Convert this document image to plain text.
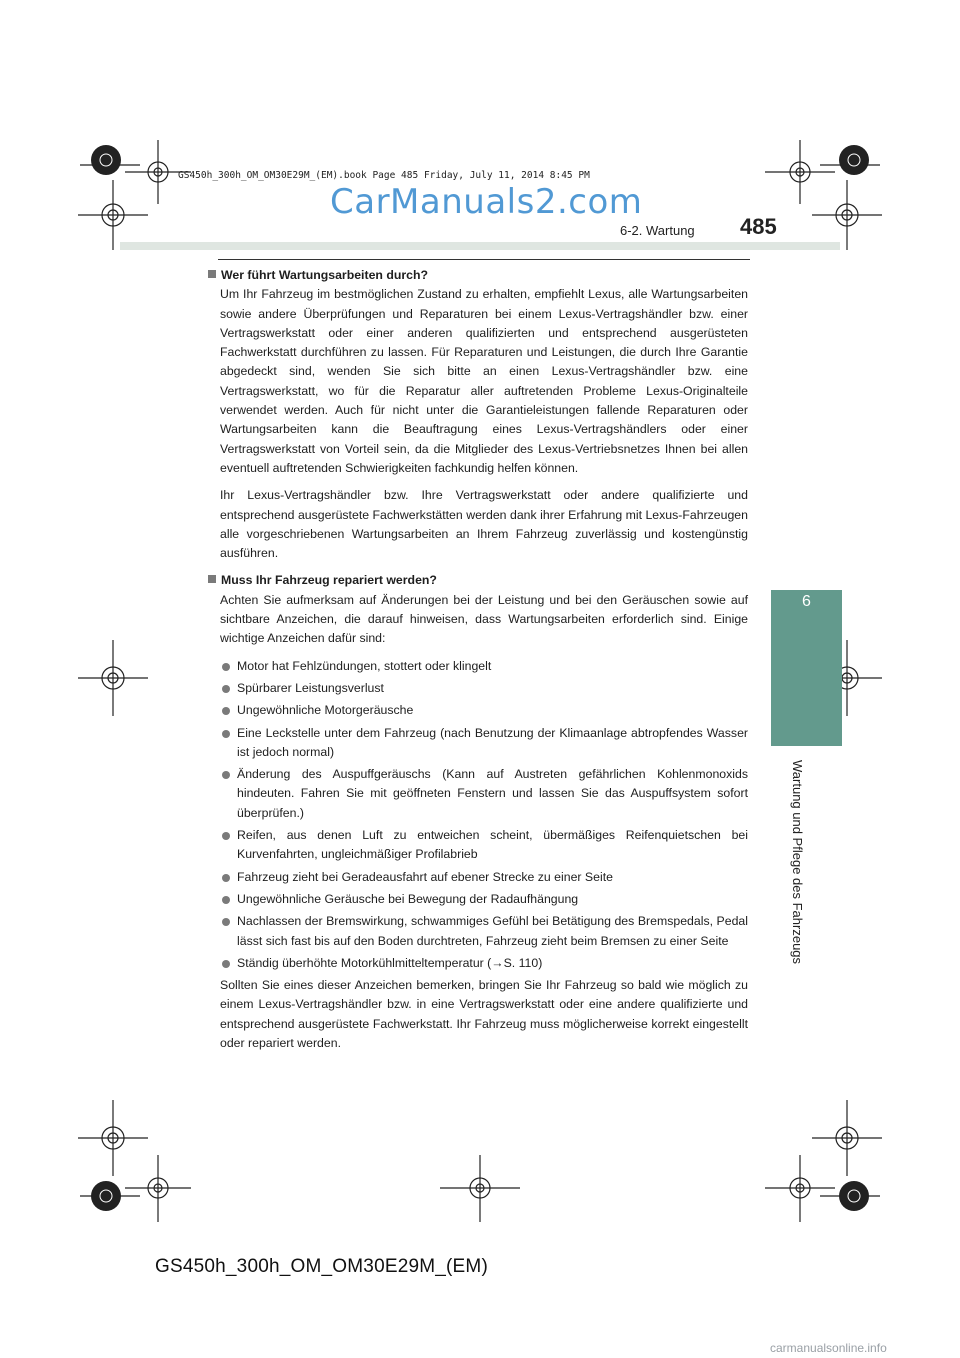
GS450h_300h_OM_OM30E29M_(EM).book Page 485 Friday, July 11, 2014 8:45 PM
CarManuals2.com
6-2. Wartung 485
6
Wartung und Pflege des Fahrzeugs

Wer führt Wartungsarbeiten durch?

Um Ihr Fahrzeug im bestmöglichen Zustand zu erhalten, empfiehlt Lexus, alle Wartungsarbeiten sowie andere Überprüfungen und Reparaturen bei einem Lexus-Vertragshändler bzw. einer Vertragswerkstatt oder einer anderen qualifizierten und entsprechend ausgerüsteten Fachwerkstatt durchführen zu lassen. Für Reparaturen und Leistungen, die durch Ihre Garantie abgedeckt sind, wenden Sie sich bitte an einen Lexus-Vertragshändler bzw. eine Vertragswerkstatt, wo für die Reparatur aller auftretenden Probleme Lexus-Originalteile verwendet werden. Auch für nicht unter die Garantieleistungen fallende Reparaturen oder Wartungsarbeiten kann die Beauftragung eines Lexus-Vertragshändlers oder einer Vertragswerkstatt von Vorteil sein, da die Mitglieder des Lexus-Vertriebsnetzes Ihnen bei allen eventuell auftretenden Schwierigkeiten fachkundig helfen können.

Ihr Lexus-Vertragshändler bzw. Ihre Vertragswerkstatt oder andere qualifizierte und entsprechend ausgerüstete Fachwerkstätten werden dank ihrer Erfahrung mit Lexus-Fahrzeugen alle vorgeschriebenen Wartungsarbeiten an Ihrem Fahrzeug zuverlässig und kostengünstig ausführen.

Muss Ihr Fahrzeug repariert werden?

Achten Sie aufmerksam auf Änderungen bei der Leistung und bei den Geräuschen sowie auf sichtbare Anzeichen, die darauf hinweisen, dass Wartungsarbeiten erforderlich sind. Einige wichtige Anzeichen dafür sind:

Motor hat Fehlzündungen, stottert oder klingelt
Spürbarer Leistungsverlust
Ungewöhnliche Motorgeräusche
Eine Leckstelle unter dem Fahrzeug (nach Benutzung der Klimaanlage abtropfendes Wasser ist jedoch normal)
Änderung des Auspuffgeräuschs (Kann auf Austreten gefährlichen Kohlenmonoxids hindeuten. Fahren Sie mit geöffneten Fenstern und lassen Sie das Auspuffsystem sofort überprüfen.)
Reifen, aus denen Luft zu entweichen scheint, übermäßiges Reifenquietschen bei Kurvenfahrten, ungleichmäßiger Profilabrieb
Fahrzeug zieht bei Geradeausfahrt auf ebener Strecke zu einer Seite
Ungewöhnliche Geräusche bei Bewegung der Radaufhängung
Nachlassen der Bremswirkung, schwammiges Gefühl bei Betätigung des Bremspedals, Pedal lässt sich fast bis auf den Boden durchtreten, Fahrzeug zieht beim Bremsen zu einer Seite
Ständig überhöhte Motorkühlmitteltemperatur (→S. 110)

Sollten Sie eines dieser Anzeichen bemerken, bringen Sie Ihr Fahrzeug so bald wie möglich zu einem Lexus-Vertragshändler bzw. in eine Vertragswerkstatt oder eine andere qualifizierte und entsprechend ausgerüstete Fachwerkstatt. Ihr Fahrzeug muss möglicherweise korrekt eingestellt oder repariert werden.

GS450h_300h_OM_OM30E29M_(EM)
carmanualsonline.info
